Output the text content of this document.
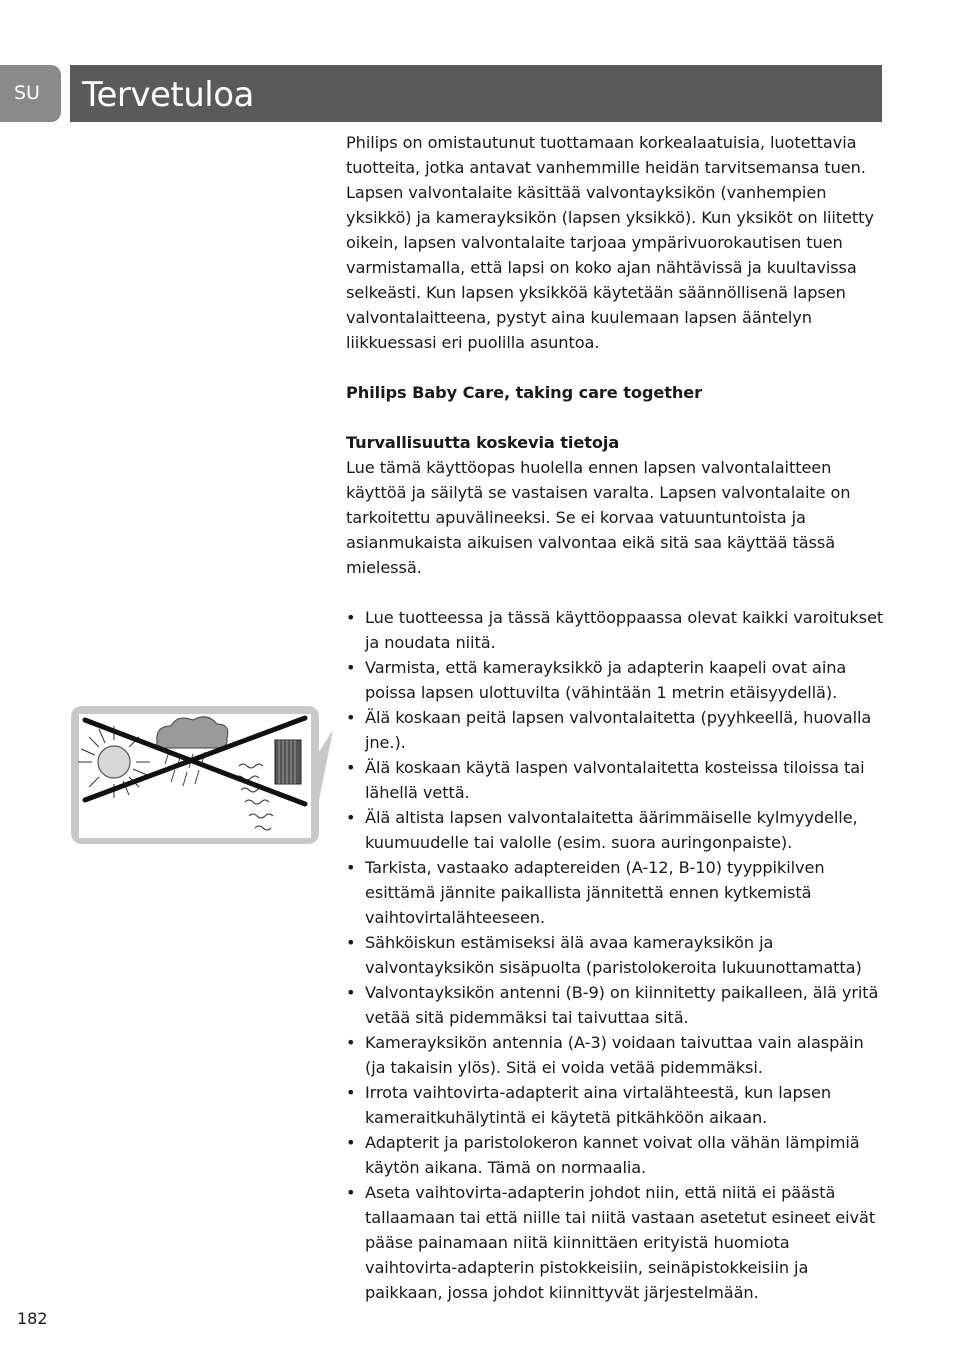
SU	Tervetuloa

Philips on omistautunut tuottamaan korkealaatuisia, luotettavia tuotteita, jotka antavat vanhemmille heidän tarvitsemansa tuen. Lapsen valvontalaite käsittää valvontayksikön (vanhempien yksikkö) ja kamerayksikön (lapsen yksikkö). Kun yksiköt on liitetty oikein, lapsen valvontalaite tarjoaa ympärivuorokautisen tuen varmistamalla, että lapsi on koko ajan nähtävissä ja kuultavissa selkeästi. Kun lapsen yksikköä käytetään säännöllisenä lapsen valvontalaitteena, pystyt aina kuulemaan lapsen ääntelyn liikkuessasi eri puolilla asuntoa.

Philips Baby Care, taking care together

Turvallisuutta koskevia tietoja

Lue tämä käyttöopas huolella ennen lapsen valvontalaitteen käyttöä ja säilytä se vastaisen varalta. Lapsen valvontalaite on tarkoitettu apuvälineeksi. Se ei korvaa vatuuntuntoista ja asianmukaista aikuisen valvontaa eikä sitä saa käyttää tässä mielessä.

• Lue tuotteessa ja tässä käyttöoppaassa olevat kaikki varoitukset ja noudata niitä.
• Varmista, että kamerayksikkö ja adapterin kaapeli ovat aina poissa lapsen ulottuvilta (vähintään 1 metrin etäisyydellä).
• Älä koskaan peitä lapsen valvontalaitetta (pyyhkeellä, huovalla jne.).
• Älä koskaan käytä laspen valvontalaitetta kosteissa tiloissa tai lähellä vettä.
• Älä altista lapsen valvontalaitetta äärimmäiselle kylmyydelle, kuumuudelle tai valolle (esim. suora auringonpaiste).
• Tarkista, vastaako adaptereiden (A-12, B-10) tyyppikilven esittämä jännite paikallista jännitettä ennen kytkemistä vaihtovirtalähteeseen.
• Sähköiskun estämiseksi älä avaa kamerayksikön ja valvontayksikön sisäpuolta (paristolokeroita lukuunottamatta)
• Valvontayksikön antenni (B-9) on kiinnitetty paikalleen, älä yritä vetää sitä pidemmäksi tai taivuttaa sitä.
• Kamerayksikön antennia (A-3) voidaan taivuttaa vain alaspäin (ja takaisin ylös). Sitä ei voida vetää pidemmäksi.
• Irrota vaihtovirta-adapterit aina virtalähteestä, kun lapsen kameraitkuhälytintä ei käytetä pitkähköön aikaan.
• Adapterit ja paristolokeron kannet voivat olla vähän lämpimiä käytön aikana. Tämä on normaalia.
• Aseta vaihtovirta-adapterin johdot niin, että niitä ei päästä tallaamaan tai että niille tai niitä vastaan asetetut esineet eivät pääse painamaan niitä kiinnittäen erityistä huomiota vaihtovirta-adapterin pistokkeisiin, seinäpistokkeisiin ja paikkaan, jossa johdot kiinnittyvät järjestelmään.
182
